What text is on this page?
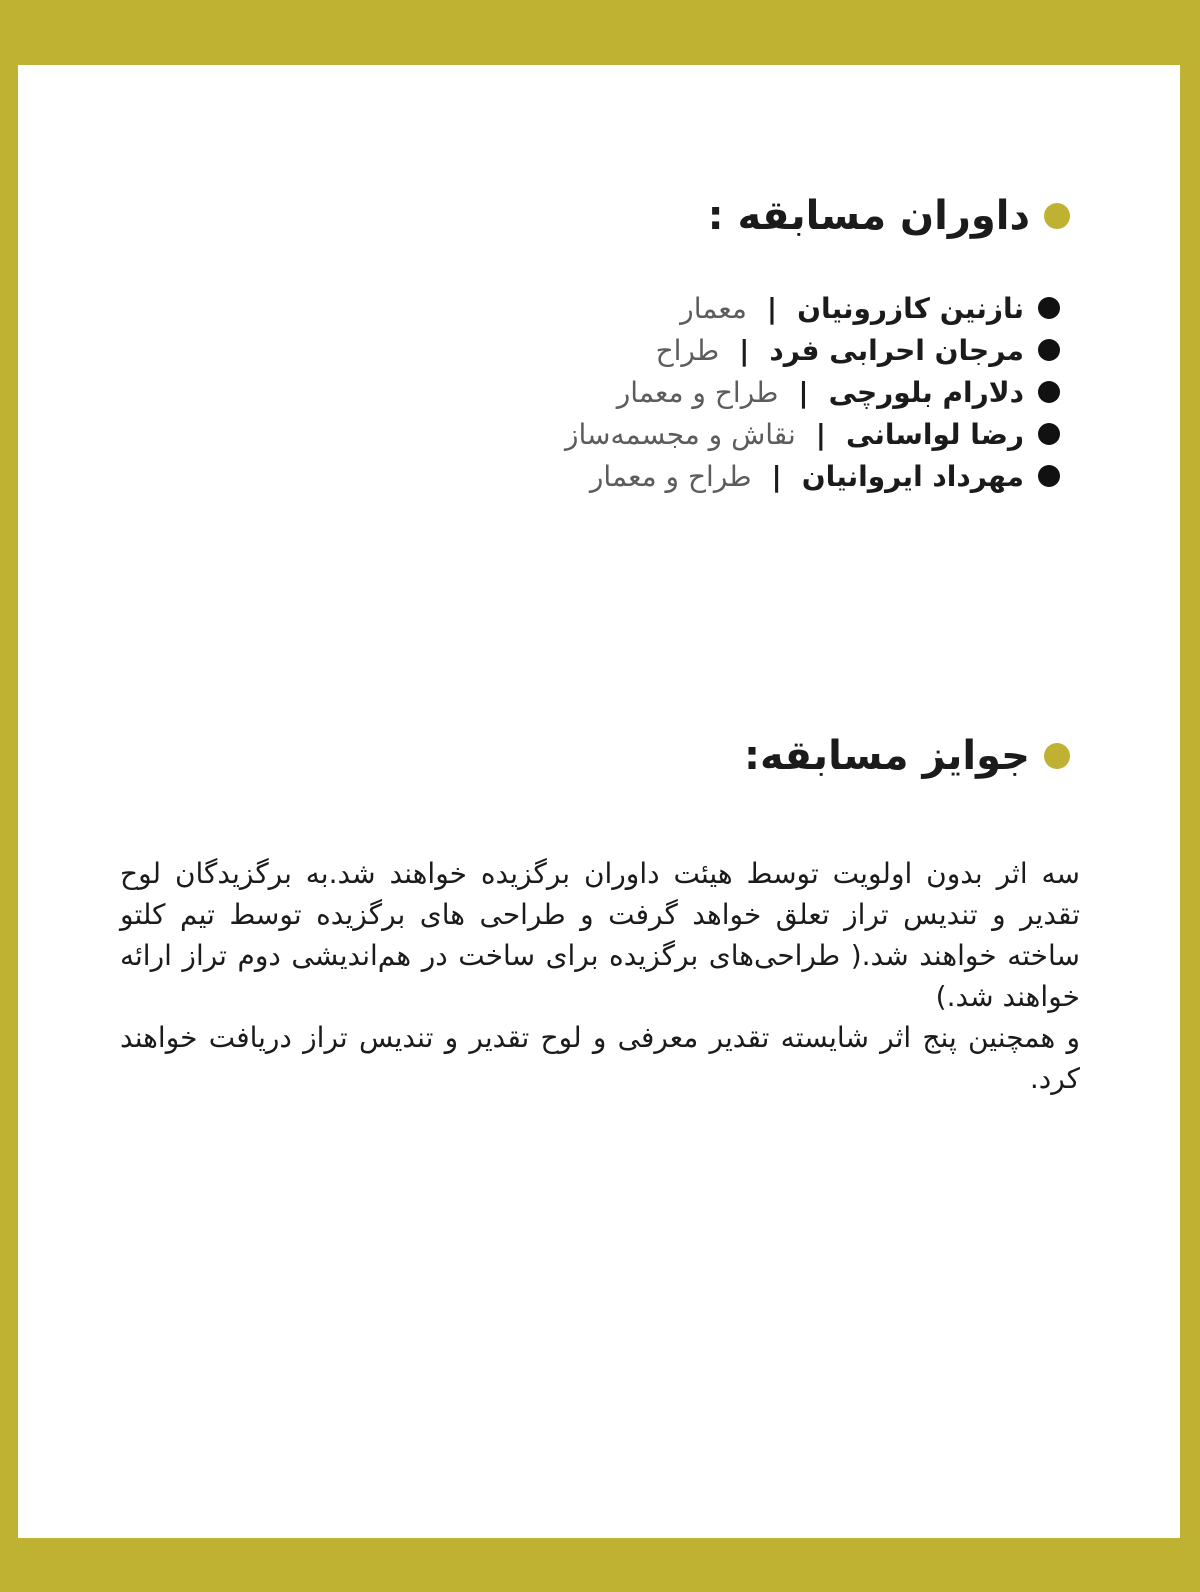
داوران مسابقه :
نازنین کازرونیان
|
معمار
مرجان احرابی فرد
|
طراح
دلارام بلورچی
|
طراح و معمار
رضا لواسانی
|
نقاش و مجسمه‌ساز
مهرداد ایروانیان
|
طراح و معمار
جوایز مسابقه:

سه اثر بدون اولویت توسط هیئت داوران برگزیده خواهند شد.به برگزیدگان لوح تقدیر و تندیس تراز تعلق خواهد گرفت و طراحی های برگزیده توسط تیم کلتو ساخته خواهند شد.( طراحی‌های برگزیده برای ساخت در هم‌اندیشی دوم تراز ارائه خواهند شد.)

و همچنین پنج اثر شایسته تقدیر معرفی و لوح تقدیر و تندیس تراز دریافت خواهند کرد.
